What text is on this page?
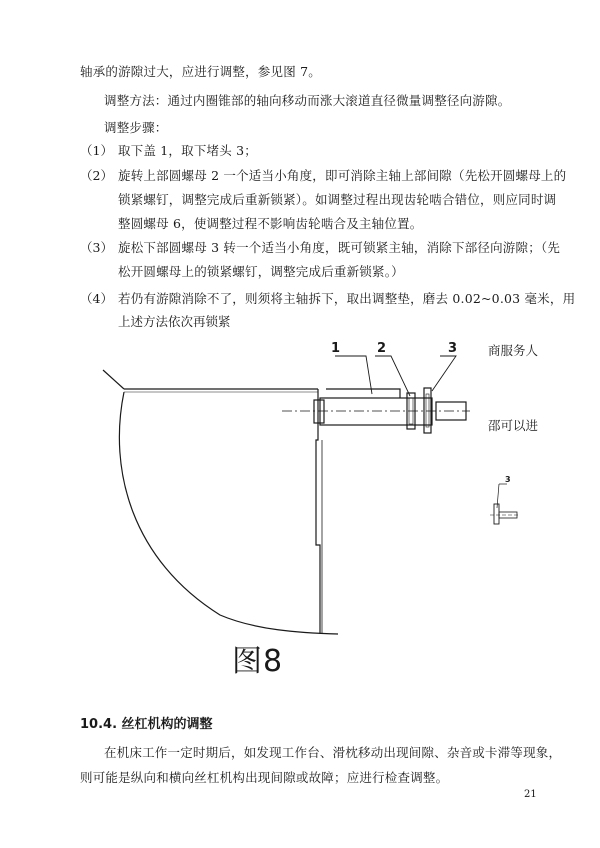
轴承的游隙过大，应进行调整，参见图 7。
调整方法：通过内圈锥部的轴向移动而涨大滚道直径微量调整径向游隙。
调整步骤：
（1） 取下盖 1，取下堵头 3；
（2） 旋转上部圆螺母 2 一个适当小角度，即可消除主轴上部间隙（先松开圆螺母上的
锁紧螺钉，调整完成后重新锁紧）。如调整过程出现齿轮啮合错位，则应同时调
整圆螺母 6，使调整过程不影响齿轮啮合及主轴位置。
（3） 旋松下部圆螺母 3 转一个适当小角度，既可锁紧主轴，消除下部径向游隙；（先
松开圆螺母上的锁紧螺钉，调整完成后重新锁紧。）
（4） 若仍有游隙消除不了，则须将主轴拆下，取出调整垫，磨去 0.02~0.03 毫米，用
上述方法依次再锁紧
1	2	3
3
商服务人
邵可以进
图8
10.4. 丝杠机构的调整
在机床工作一定时期后，如发现工作台、滑枕移动出现间隙、杂音或卡滞等现象，
则可能是纵向和横向丝杠机构出现间隙或故障；应进行检查调整。
21
